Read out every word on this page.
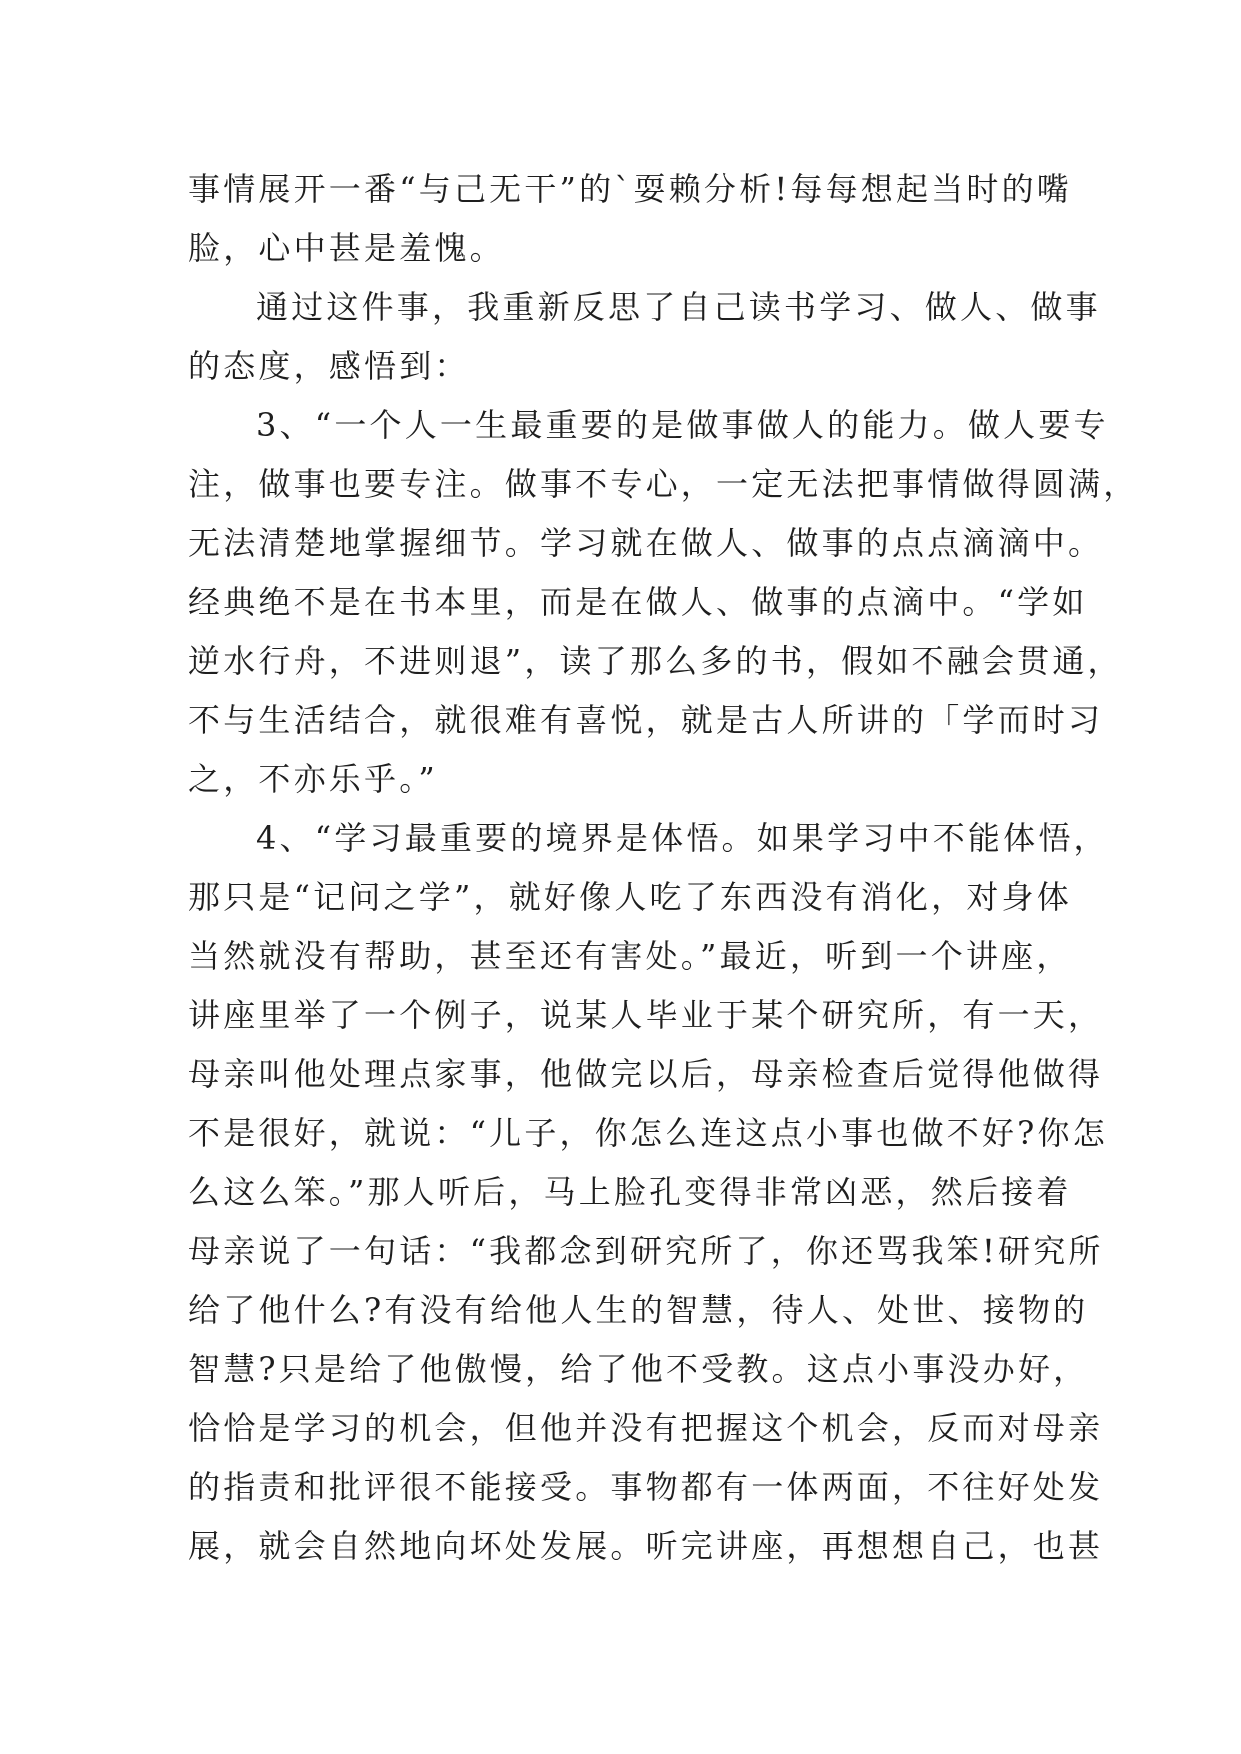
事情展开一番“与己无干”的`耍赖分析!每每想起当时的嘴
脸，心中甚是羞愧。
通过这件事，我重新反思了自己读书学习、做人、做事
的态度，感悟到：
3、“一个人一生最重要的是做事做人的能力。做人要专
注，做事也要专注。做事不专心，一定无法把事情做得圆满，
无法清楚地掌握细节。学习就在做人、做事的点点滴滴中。
经典绝不是在书本里，而是在做人、做事的点滴中。“学如
逆水行舟，不进则退”，读了那么多的书，假如不融会贯通，
不与生活结合，就很难有喜悦，就是古人所讲的「学而时习
之，不亦乐乎。”
4、“学习最重要的境界是体悟。如果学习中不能体悟，
那只是“记问之学”，就好像人吃了东西没有消化，对身体
当然就没有帮助，甚至还有害处。”最近，听到一个讲座，
讲座里举了一个例子，说某人毕业于某个研究所，有一天，
母亲叫他处理点家事，他做完以后，母亲检查后觉得他做得
不是很好，就说：“儿子，你怎么连这点小事也做不好?你怎
么这么笨。”那人听后，马上脸孔变得非常凶恶，然后接着
母亲说了一句话：“我都念到研究所了，你还骂我笨!研究所
给了他什么?有没有给他人生的智慧，待人、处世、接物的
智慧?只是给了他傲慢，给了他不受教。这点小事没办好，
恰恰是学习的机会，但他并没有把握这个机会，反而对母亲
的指责和批评很不能接受。事物都有一体两面，不往好处发
展，就会自然地向坏处发展。听完讲座，再想想自己，也甚
